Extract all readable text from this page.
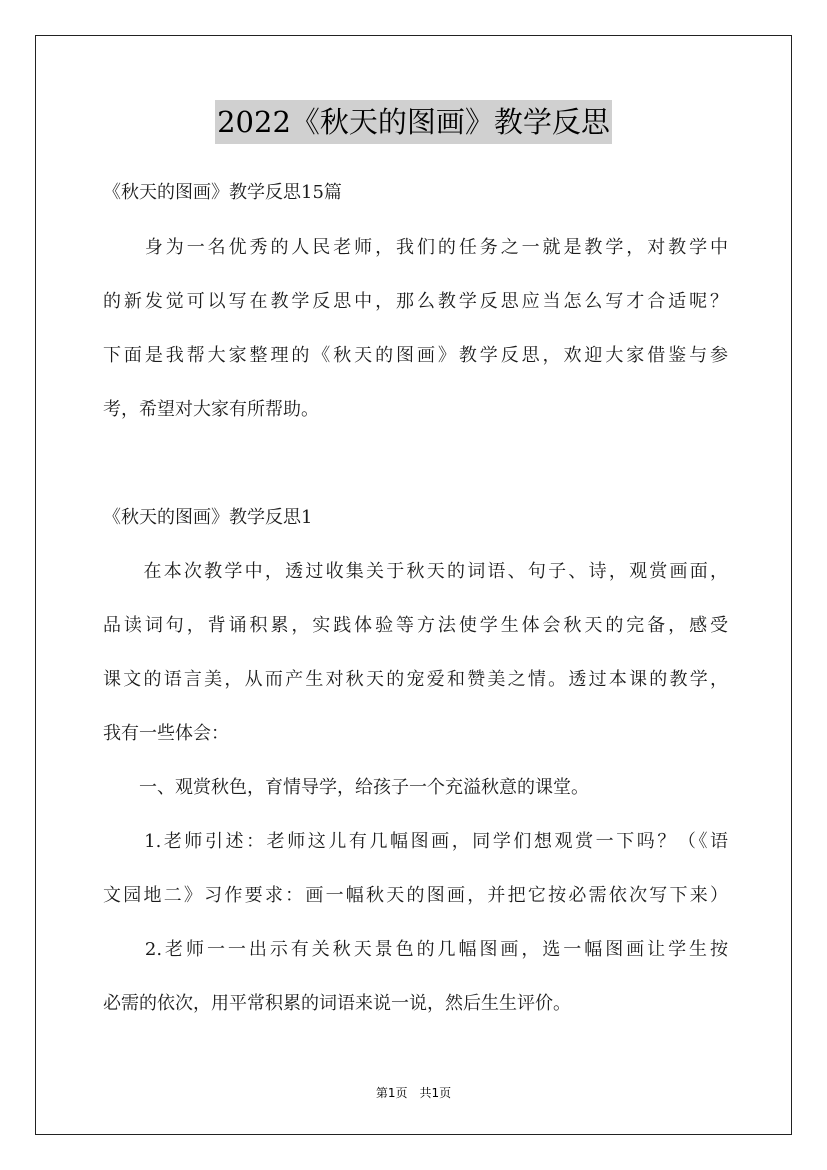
2022《秋天的图画》教学反思
《秋天的图画》教学反思15篇
　　身为一名优秀的人民老师，我们的任务之一就是教学，对教学中
的新发觉可以写在教学反思中，那么教学反思应当怎么写才合适呢？
下面是我帮大家整理的《秋天的图画》教学反思，欢迎大家借鉴与参
考，希望对大家有所帮助。
《秋天的图画》教学反思1
　　在本次教学中，透过收集关于秋天的词语、句子、诗，观赏画面，
品读词句，背诵积累，实践体验等方法使学生体会秋天的完备，感受
课文的语言美，从而产生对秋天的宠爱和赞美之情。透过本课的教学，
我有一些体会：
　　一、观赏秋色，育情导学，给孩子一个充溢秋意的课堂。
　　1.老师引述：老师这儿有几幅图画，同学们想观赏一下吗？（《语
文园地二》习作要求：画一幅秋天的图画，并把它按必需依次写下来）
　　2.老师一一出示有关秋天景色的几幅图画，选一幅图画让学生按
必需的依次，用平常积累的词语来说一说，然后生生评价。
第1页　共1页
